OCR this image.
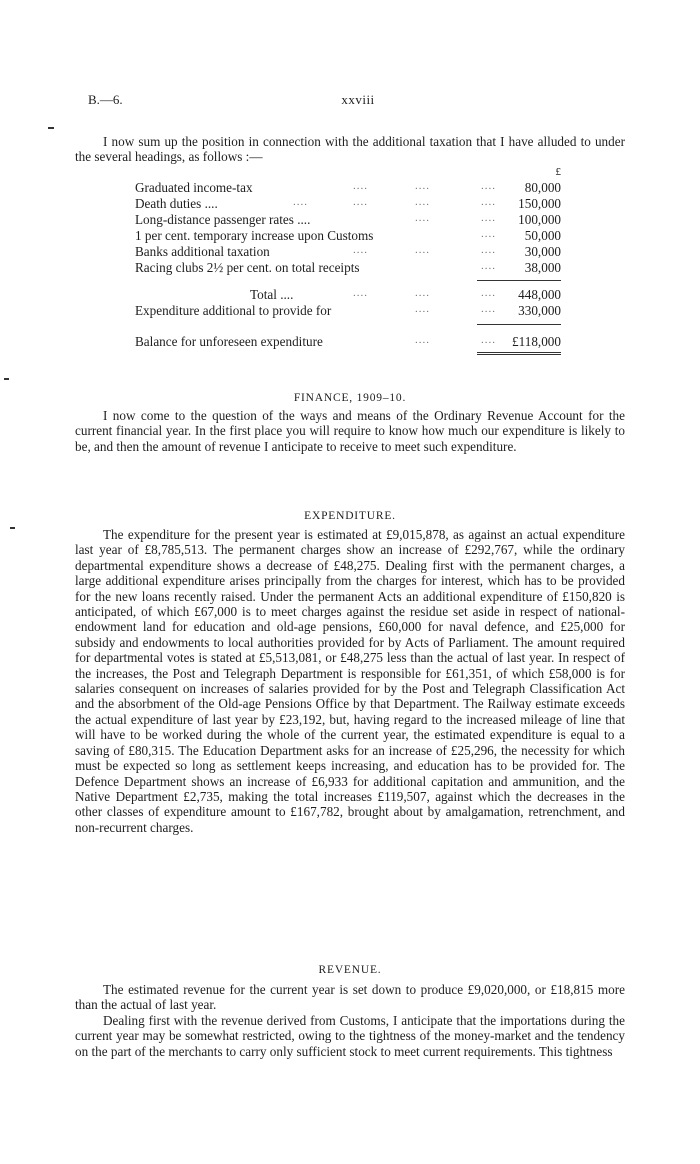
B.—6.	xxviii

I now sum up the position in connection with the additional taxation that I have alluded to under the several headings, as follows :—

£
Graduated income-tax	....	....	....	80,000
Death duties ....	....	....	....	....	150,000
Long-distance passenger rates ....	....	....	100,000
1 per cent. temporary increase upon Customs	....	50,000
Banks additional taxation	....	....	....	30,000
Racing clubs 2½ per cent. on total receipts	....	38,000
Total ....	....	....	....	448,000
Expenditure additional to provide for	....	....	330,000
Balance for unforeseen expenditure	....	....	£118,000
FINANCE, 1909–10.

I now come to the question of the ways and means of the Ordinary Revenue Account for the current financial year. In the first place you will require to know how much our expenditure is likely to be, and then the amount of revenue I anticipate to receive to meet such expenditure.

EXPENDITURE.

The expenditure for the present year is estimated at £9,015,878, as against an actual expenditure last year of £8,785,513. The permanent charges show an increase of £292,767, while the ordinary departmental expenditure shows a decrease of £48,275. Dealing first with the permanent charges, a large additional expenditure arises principally from the charges for interest, which has to be provided for the new loans recently raised. Under the permanent Acts an additional expenditure of £150,820 is anticipated, of which £67,000 is to meet charges against the residue set aside in respect of national-endowment land for education and old-age pensions, £60,000 for naval defence, and £25,000 for subsidy and endowments to local authorities provided for by Acts of Parliament. The amount required for departmental votes is stated at £5,513,081, or £48,275 less than the actual of last year. In respect of the increases, the Post and Telegraph Department is responsible for £61,351, of which £58,000 is for salaries consequent on increases of salaries provided for by the Post and Telegraph Classification Act and the absorbment of the Old-age Pensions Office by that Department. The Railway estimate exceeds the actual expenditure of last year by £23,192, but, having regard to the increased mileage of line that will have to be worked during the whole of the current year, the estimated expenditure is equal to a saving of £80,315. The Education Department asks for an increase of £25,296, the necessity for which must be expected so long as settlement keeps increasing, and education has to be provided for. The Defence Department shows an increase of £6,933 for additional capitation and ammunition, and the Native Department £2,735, making the total increases £119,507, against which the decreases in the other classes of expenditure amount to £167,782, brought about by amalgamation, retrenchment, and non-recurrent charges.

REVENUE.

The estimated revenue for the current year is set down to produce £9,020,000, or £18,815 more than the actual of last year.

Dealing first with the revenue derived from Customs, I anticipate that the importations during the current year may be somewhat restricted, owing to the tightness of the money-market and the tendency on the part of the merchants to carry only sufficient stock to meet current requirements. This tightness
